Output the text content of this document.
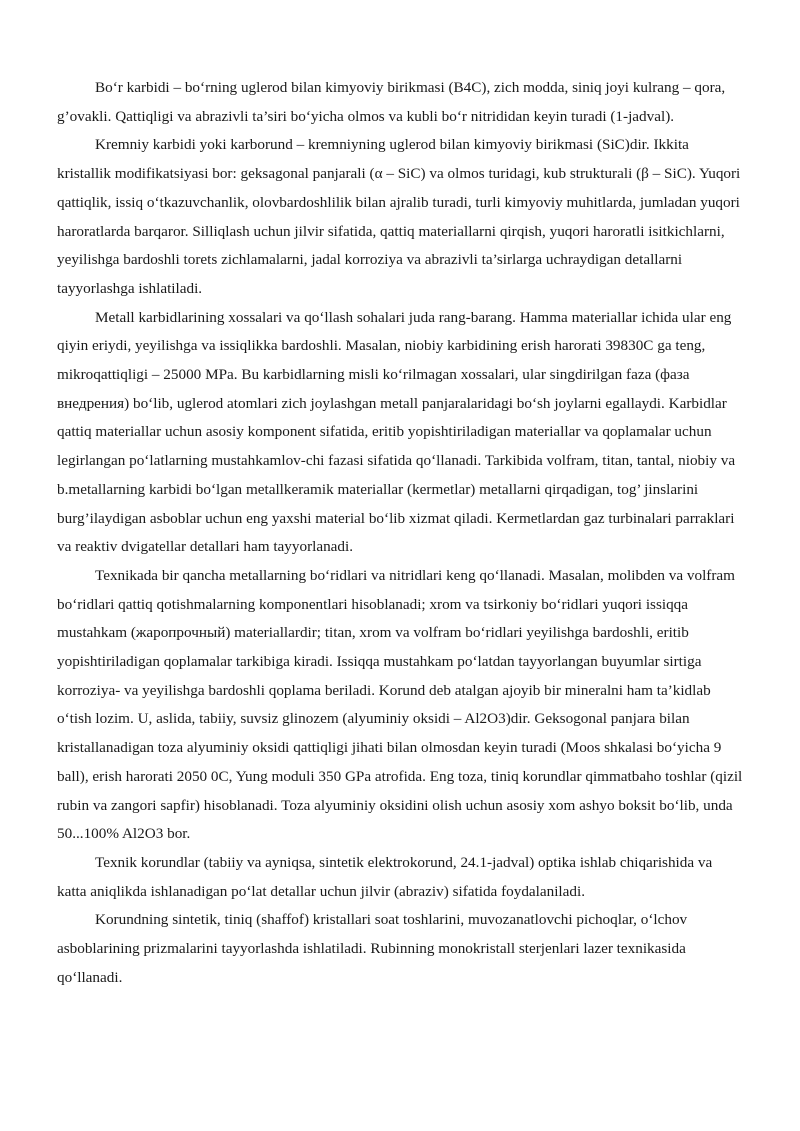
Bo‘r karbidi – bo‘rning uglerod bilan kimyoviy birikmasi (B4C), zich modda, siniq joyi kulrang – qora, g’ovakli. Qattiqligi va abrazivli ta’siri bo‘yicha olmos va kubli bo‘r nitrididan keyin turadi (1-jadval).

Kremniy karbidi yoki karborund – kremniyning uglerod bilan kimyoviy birikmasi (SiC)dir. Ikkita kristallik modifikatsiyasi bor: geksagonal panjarali (α – SiC) va olmos turidagi, kub strukturali (β – SiC). Yuqori qattiqlik, issiq o‘tkazuvchanlik, olovbardoshlilik bilan ajralib turadi, turli kimyoviy muhitlarda, jumladan yuqori haroratlarda barqaror. Silliqlash uchun jilvir sifatida, qattiq materiallarni qirqish, yuqori haroratli isitkichlarni, yeyilishga bardoshli torets zichlamalarni, jadal korroziya va abrazivli ta’sirlarga uchraydigan detallarni tayyorlashga ishlatiladi.

Metall karbidlarining xossalari va qo‘llash sohalari juda rang-barang. Hamma materiallar ichida ular eng qiyin eriydi, yeyilishga va issiqlikka bardoshli. Masalan, niobiy karbidining erish harorati 39830C ga teng, mikroqattiqligi – 25000 MPa. Bu karbidlarning misli ko‘rilmagan xossalari, ular singdirilgan faza (фаза внедрения) bo‘lib, uglerod atomlari zich joylashgan metall panjaralaridagi bo‘sh joylarni egallaydi. Karbidlar qattiq materiallar uchun asosiy komponent sifatida, eritib yopishtiriladigan materiallar va qoplamalar uchun legirlangan po‘latlarning mustahkamlov-chi fazasi sifatida qo‘llanadi. Tarkibida volfram, titan, tantal, niobiy va b.metallarning karbidi bo‘lgan metallkeramik materiallar (kermetlar) metallarni qirqadigan, tog’ jinslarini burg’ilaydigan asboblar uchun eng yaxshi material bo‘lib xizmat qiladi. Kermetlardan gaz turbinalari parraklari va reaktiv dvigatellar detallari ham tayyorlanadi.

Texnikada bir qancha metallarning bo‘ridlari va nitridlari keng qo‘llanadi. Masalan, molibden va volfram bo‘ridlari qattiq qotishmalarning komponentlari hisoblanadi; xrom va tsirkoniy bo‘ridlari yuqori issiqqa mustahkam (жаропрочный) materiallardir; titan, xrom va volfram bo‘ridlari yeyilishga bardoshli, eritib yopishtiriladigan qoplamalar tarkibiga kiradi. Issiqqa mustahkam po‘latdan tayyorlangan buyumlar sirtiga korroziya- va yeyilishga bardoshli qoplama beriladi. Korund deb atalgan ajoyib bir mineralni ham ta’kidlab o‘tish lozim. U, aslida, tabiiy, suvsiz glinozem (alyuminiy oksidi – Al2O3)dir. Geksogonal panjara bilan kristallanadigan toza alyuminiy oksidi qattiqligi jihati bilan olmosdan keyin turadi (Moos shkalasi bo‘yicha 9 ball), erish harorati 2050 0C, Yung moduli 350 GPa atrofida. Eng toza, tiniq korundlar qimmatbaho toshlar (qizil rubin va zangori sapfir) hisoblanadi. Toza alyuminiy oksidini olish uchun asosiy xom ashyo boksit bo‘lib, unda 50...100% Al2O3 bor.

Texnik korundlar (tabiiy va ayniqsa, sintetik elektrokorund, 24.1-jadval) optika ishlab chiqarishida va katta aniqlikda ishlanadigan po‘lat detallar uchun jilvir (abraziv) sifatida foydalaniladi.

Korundning sintetik, tiniq (shaffof) kristallari soat toshlarini, muvozanatlovchi pichoqlar, o‘lchov asboblarining prizmalarini tayyorlashda ishlatiladi. Rubinning monokristall sterjenlari lazer texnikasida qo‘llanadi.
